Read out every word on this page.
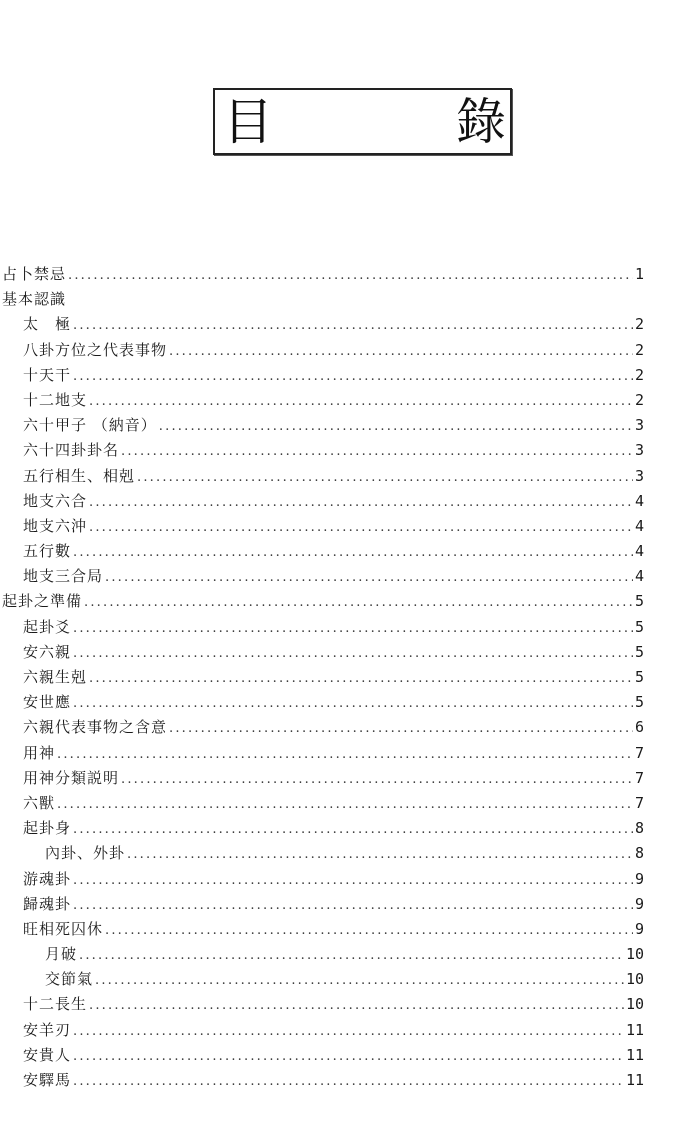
目	錄
占卜禁忌 .....	1
基本認識
太　極 .....	2
八卦方位之代表事物 .....	2
十天干 .....	2
十二地支 .....	2
六十甲子 （納音） .....	3
六十四卦卦名 .....	3
五行相生、相剋 .....	3
地支六合 .....	4
地支六沖 .....	4
五行數 .....	4
地支三合局 .....	4
起卦之準備 .....	5
起卦爻 .....	5
安六親 .....	5
六親生剋 .....	5
安世應 .....	5
六親代表事物之含意 .....	6
用神 .....	7
用神分類説明 .....	7
六獸 .....	7
起卦身 .....	8
內卦、外卦 .....	8
游魂卦 .....	9
歸魂卦 .....	9
旺相死囚休 .....	9
月破 .....	10
交節氣 .....	10
十二長生 .....	10
安羊刃 .....	11
安貴人 .....	11
安驛馬 .....	11
